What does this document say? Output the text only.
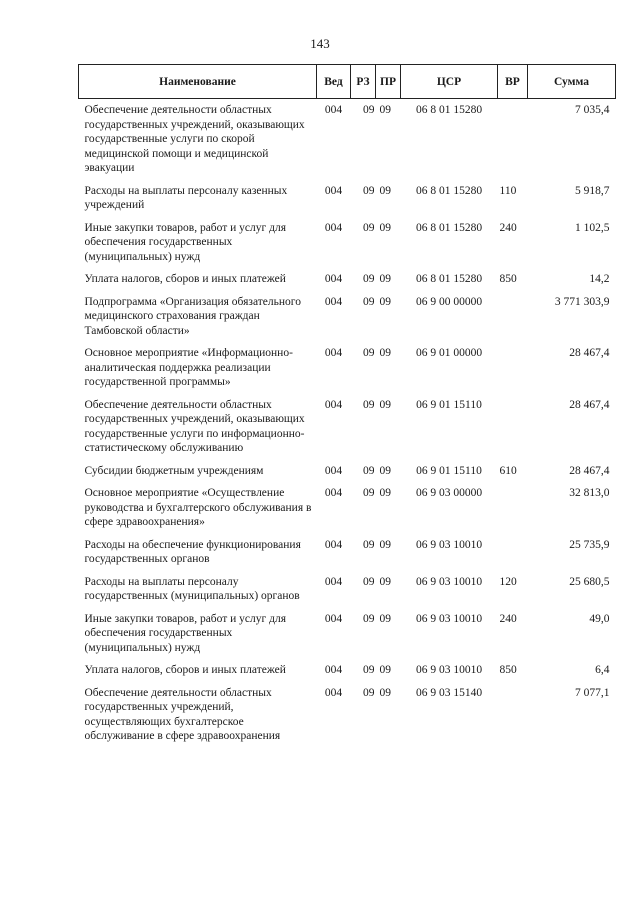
143
Наименование	Вед	РЗ	ПР	ЦСР	ВР	Сумма
Обеспечение деятельности областных государственных учреждений, оказывающих государственные услуги по скорой медицинской помощи и медицинской эвакуации	004	09	09	06 8 01 15280		7 035,4
Расходы на выплаты персоналу казенных учреждений	004	09	09	06 8 01 15280	110	5 918,7
Иные закупки товаров, работ и услуг для обеспечения государственных (муниципальных) нужд	004	09	09	06 8 01 15280	240	1 102,5
Уплата налогов, сборов и иных платежей	004	09	09	06 8 01 15280	850	14,2
Подпрограмма «Организация обязательного медицинского страхования граждан Тамбовской области»	004	09	09	06 9 00 00000		3 771 303,9
Основное мероприятие «Информационно-аналитическая поддержка реализации государственной программы»	004	09	09	06 9 01 00000		28 467,4
Обеспечение деятельности областных государственных учреждений, оказывающих государственные услуги по информационно-статистическому обслуживанию	004	09	09	06 9 01 15110		28 467,4
Субсидии бюджетным учреждениям	004	09	09	06 9 01 15110	610	28 467,4
Основное мероприятие «Осуществление руководства и бухгалтерского обслуживания в сфере здравоохранения»	004	09	09	06 9 03 00000		32 813,0
Расходы на обеспечение функционирования государственных органов	004	09	09	06 9 03 10010		25 735,9
Расходы на выплаты персоналу государственных (муниципальных) органов	004	09	09	06 9 03 10010	120	25 680,5
Иные закупки товаров, работ и услуг для обеспечения государственных (муниципальных) нужд	004	09	09	06 9 03 10010	240	49,0
Уплата налогов, сборов и иных платежей	004	09	09	06 9 03 10010	850	6,4
Обеспечение деятельности областных государственных учреждений, осуществляющих бухгалтерское обслуживание в сфере здравоохранения	004	09	09	06 9 03 15140		7 077,1
